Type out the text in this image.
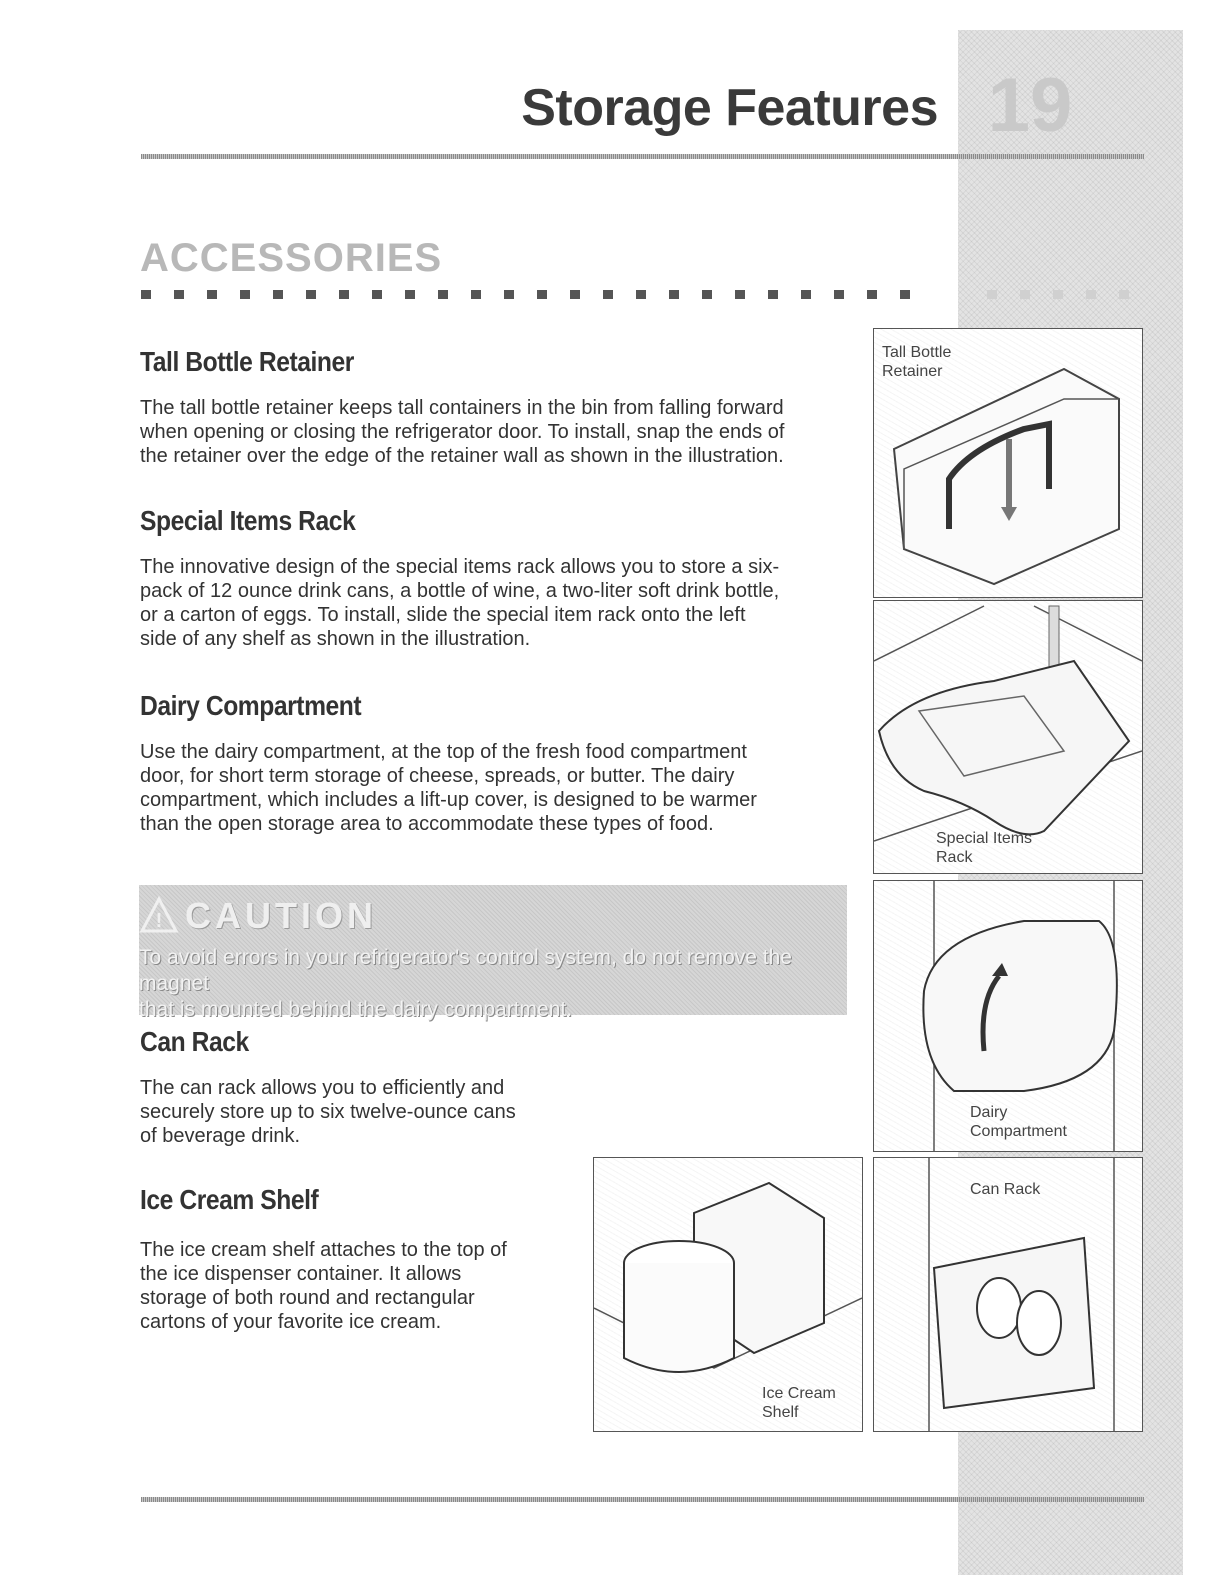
Storage Features 19
ACCESSORIES
Tall Bottle Retainer
The tall bottle retainer keeps tall containers in the bin from falling forward
when opening or closing the refrigerator door. To install, snap the ends of
the retainer over the edge of the retainer wall as shown in the illustration.
Special Items Rack
The innovative design of the special items rack allows you to store a six-
pack of 12 ounce drink cans, a bottle of wine, a two-liter soft drink bottle,
or a carton of eggs. To install, slide the special item rack onto the left
side of any shelf as shown in the illustration.
Dairy Compartment
Use the dairy compartment, at the top of the fresh food compartment
door, for short term storage of cheese, spreads, or butter. The dairy
compartment, which includes a lift-up cover, is designed to be warmer
than the open storage area to accommodate these types of food.
! CAUTION
To avoid errors in your refrigerator's control system, do not remove the magnet
that is mounted behind the dairy compartment.
Can Rack
The can rack allows you to efficiently and
securely store up to six twelve-ounce cans
of beverage drink.
Ice Cream Shelf
The ice cream shelf attaches to the top of
the ice dispenser container. It allows
storage of both round and rectangular
cartons of your favorite ice cream.
Tall Bottle
Retainer
Special Items
Rack
Dairy
Compartment
Can Rack
Ice Cream
Shelf
